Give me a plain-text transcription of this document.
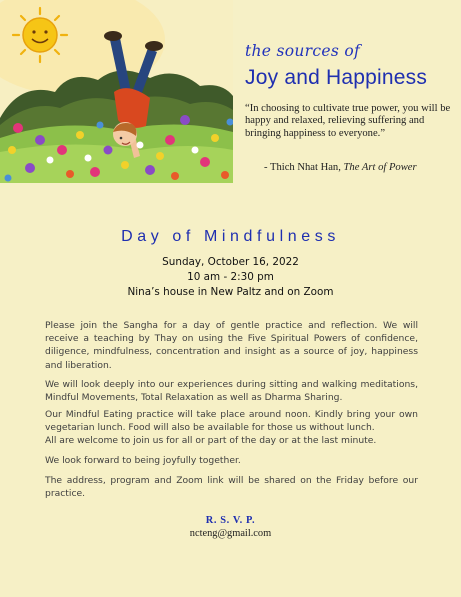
the sources of
Joy and Happiness
“In choosing to cultivate true power, you will be happy and relaxed, relieving suffering and bringing happiness to everyone.”
- Thich Nhat Han, The Art of Power
Day of Mindfulness
Sunday, October 16, 2022
10 am - 2:30 pm
Nina’s house in New Paltz and on Zoom
Please join the Sangha for a day of gentle practice and reflection. We will receive a teaching by Thay on using the Five Spiritual Powers of confidence, diligence, mindfulness, concentration and insight as a source of joy, happiness and liberation.
We will look deeply into our experiences during sitting and walking meditations, Mindful Movements, Total Relaxation as well as Dharma Sharing.
Our Mindful Eating practice will take place around noon. Kindly bring your own vegetarian lunch. Food will also be available for those us without lunch.
All are welcome to join us for all or part of the day or at the last minute.
We look forward to being joyfully together.
The address, program and Zoom link will be shared on the Friday before our practice.
R. S. V. P.
ncteng@gmail.com
